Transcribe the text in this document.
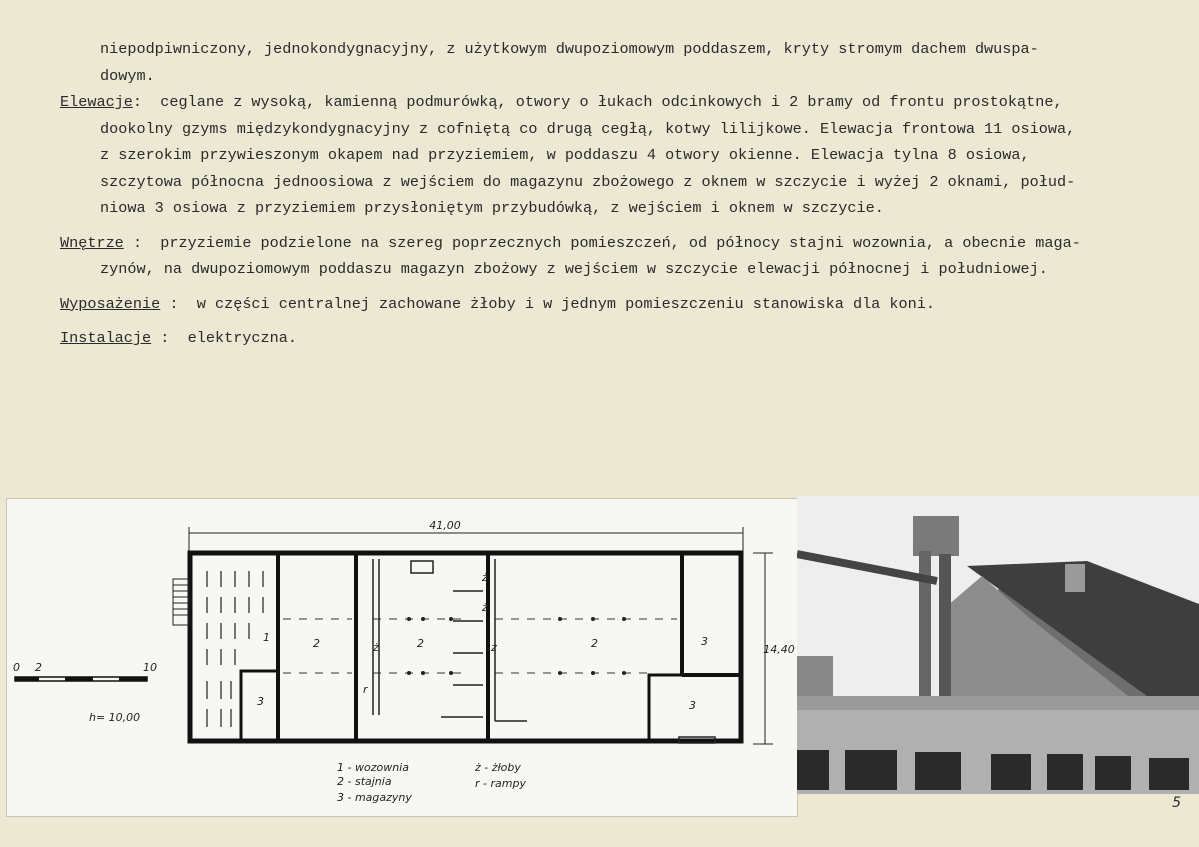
niepodpiwniczony, jednokondygnacyjny, z użytkowym dwupoziomowym poddaszem, kryty stromym dachem dwuspa-
dowym.

Elewacje: ceglane z wysoką, kamienną podmurówką, otwory o łukach odcinkowych i 2 bramy od frontu prostokątne,
dookolny gzyms międzykondygnacyjny z cofniętą co drugą cegłą, kotwy lilijkowe. Elewacja frontowa 11 osiowa,
z szerokim przywieszonym okapem nad przyziemiem, w poddaszu 4 otwory okienne. Elewacja tylna 8 osiowa,
szczytowa północna jednoosiowa z wejściem do magazynu zbożowego z oknem w szczycie i wyżej 2 oknami, połud-
niowa 3 osiowa z przyziemiem przysłoniętym przybudówką, z wejściem i oknem w szczycie.

Wnętrze : przyziemie podzielone na szereg poprzecznych pomieszczeń, od północy stajni wozownia, a obecnie maga-
zynów, na dwupoziomowym poddaszu magazyn zbożowy z wejściem w szczycie elewacji północnej i południowej.

Wyposażenie : w części centralnej zachowane żłoby i w jednym pomieszczeniu stanowiska dla koni.

Instalacje : elektryczna.

41,00
14,40
ż
ż
ż	ż
r
1	2	2	2	3
3
3
0 2	10
h= 10,00
1 - wozownia
2 - stajnia
3 - magazyny
ż - żłoby
r - rampy
5
